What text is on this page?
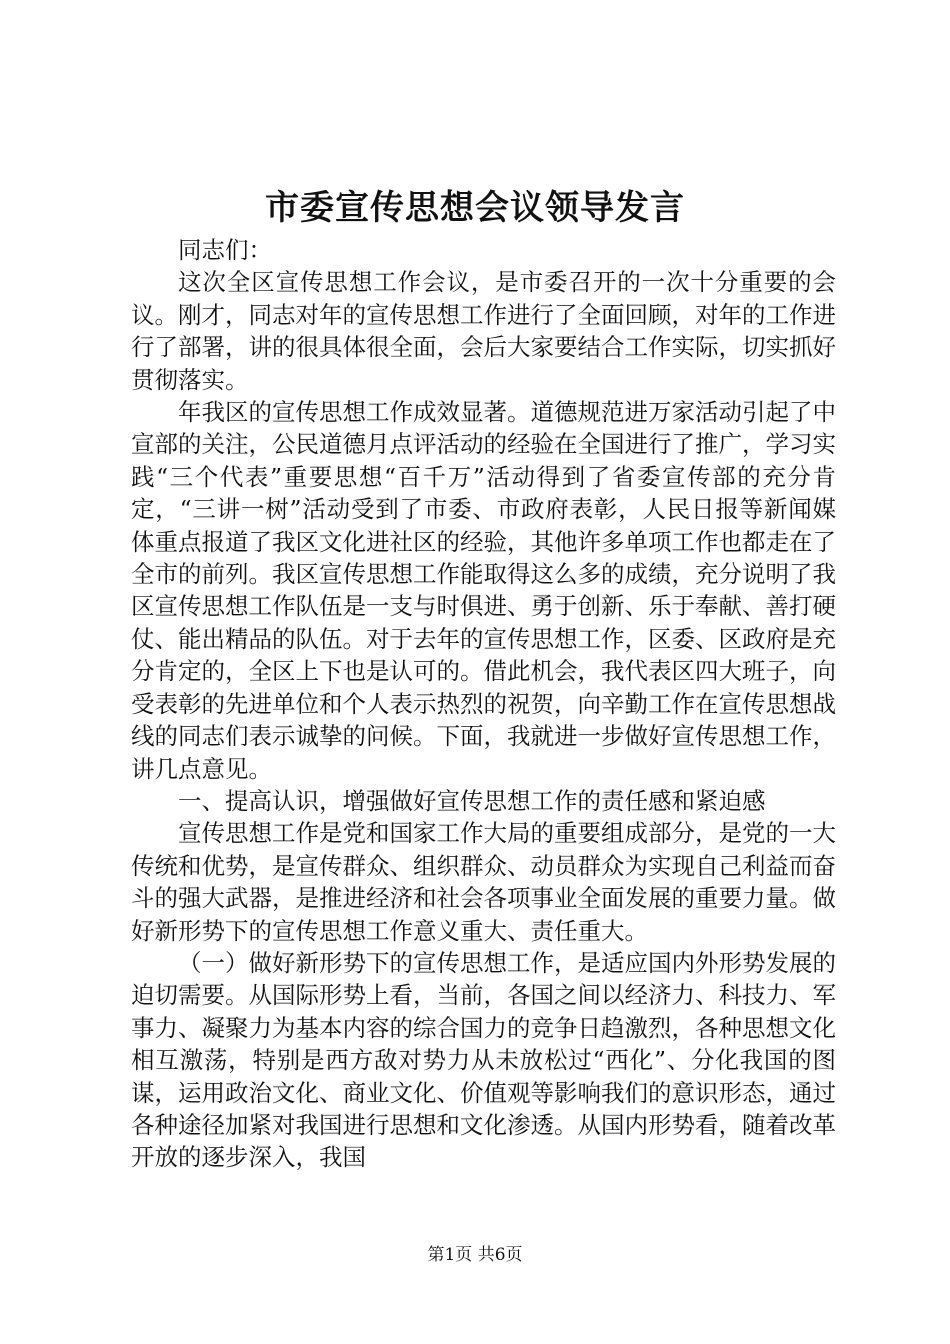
市委宣传思想会议领导发言

同志们：

这次全区宣传思想工作会议，是市委召开的一次十分重要的会议。刚才，同志对年的宣传思想工作进行了全面回顾，对年的工作进行了部署，讲的很具体很全面，会后大家要结合工作实际，切实抓好贯彻落实。

年我区的宣传思想工作成效显著。道德规范进万家活动引起了中宣部的关注，公民道德月点评活动的经验在全国进行了推广，学习实践“三个代表”重要思想“百千万”活动得到了省委宣传部的充分肯定，“三讲一树”活动受到了市委、市政府表彰，人民日报等新闻媒体重点报道了我区文化进社区的经验，其他许多单项工作也都走在了全市的前列。我区宣传思想工作能取得这么多的成绩，充分说明了我区宣传思想工作队伍是一支与时俱进、勇于创新、乐于奉献、善打硬仗、能出精品的队伍。对于去年的宣传思想工作，区委、区政府是充分肯定的，全区上下也是认可的。借此机会，我代表区四大班子，向受表彰的先进单位和个人表示热烈的祝贺，向辛勤工作在宣传思想战线的同志们表示诚挚的问候。下面，我就进一步做好宣传思想工作，讲几点意见。

一、提高认识，增强做好宣传思想工作的责任感和紧迫感

宣传思想工作是党和国家工作大局的重要组成部分，是党的一大传统和优势，是宣传群众、组织群众、动员群众为实现自己利益而奋斗的强大武器，是推进经济和社会各项事业全面发展的重要力量。做好新形势下的宣传思想工作意义重大、责任重大。

（一）做好新形势下的宣传思想工作，是适应国内外形势发展的迫切需要。从国际形势上看，当前，各国之间以经济力、科技力、军事力、凝聚力为基本内容的综合国力的竞争日趋激烈，各种思想文化相互激荡，特别是西方敌对势力从未放松过“西化”、分化我国的图谋，运用政治文化、商业文化、价值观等影响我们的意识形态，通过各种途径加紧对我国进行思想和文化渗透。从国内形势看，随着改革开放的逐步深入，我国

第1页 共6页
